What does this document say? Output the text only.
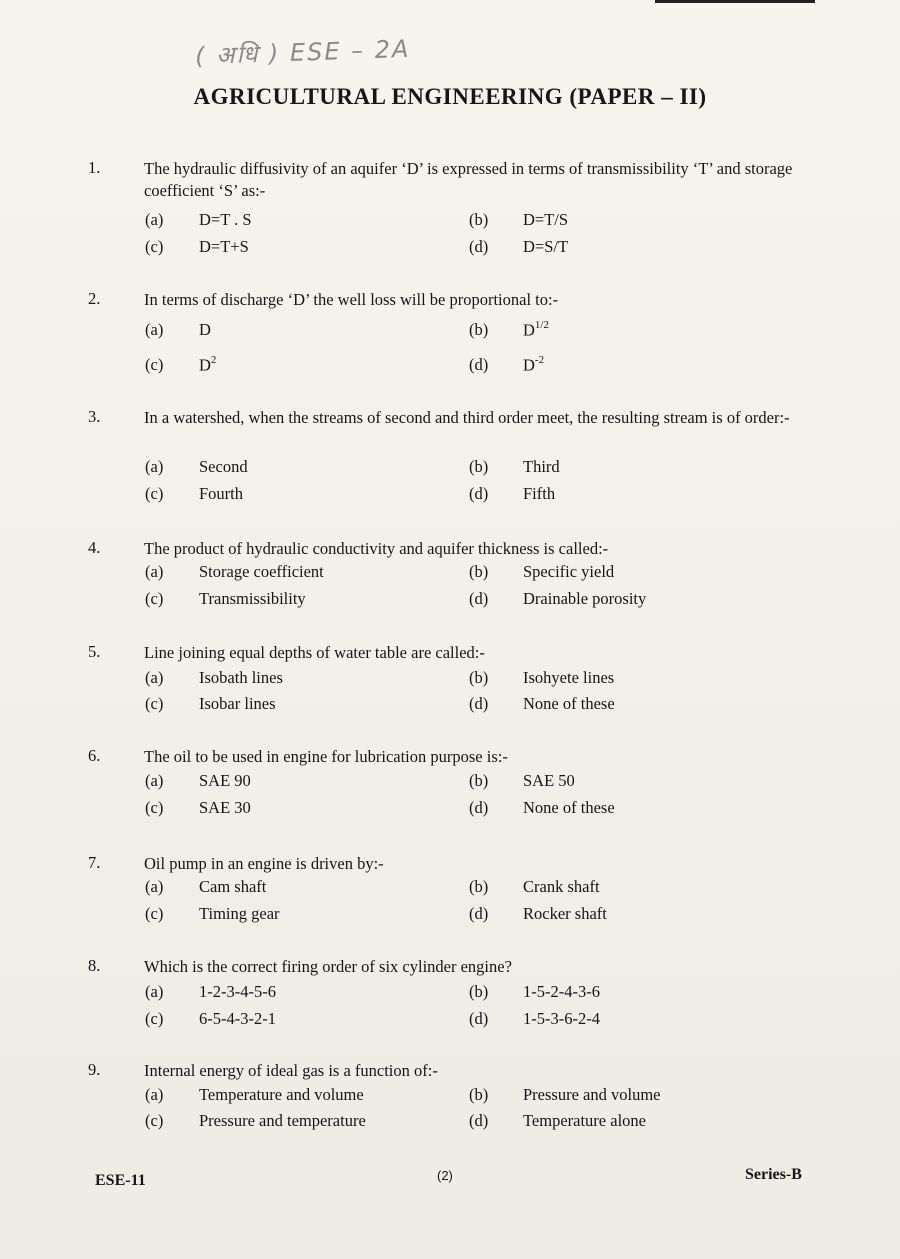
( अधि ) ESE – 2A
AGRICULTURAL ENGINEERING (PAPER – II)
1.	The hydraulic diffusivity of an aquifer ‘D’ is expressed in terms of transmissibility ‘T’ and storage coefficient ‘S’ as:-
(a) D=T . S	(b) D=T/S
(c) D=T+S	(d) D=S/T
2.	In terms of discharge ‘D’ the well loss will be proportional to:-
(a) D	(b) $D^{1/2}$
(c) $D^2$	(d) $D^{-2}$
3.	In a watershed, when the streams of second and third order meet, the resulting stream is of order:-
(a) Second	(b) Third
(c) Fourth	(d) Fifth
4.	The product of hydraulic conductivity and aquifer thickness is called:-
(a) Storage coefficient	(b) Specific yield
(c) Transmissibility	(d) Drainable porosity
5.	Line joining equal depths of water table are called:-
(a) Isobath lines	(b) Isohyete lines
(c) Isobar lines	(d) None of these
6.	The oil to be used in engine for lubrication purpose is:-
(a) SAE 90	(b) SAE 50
(c) SAE 30	(d) None of these
7.	Oil pump in an engine is driven by:-
(a) Cam shaft	(b) Crank shaft
(c) Timing gear	(d) Rocker shaft
8.	Which is the correct firing order of six cylinder engine?
(a) 1-2-3-4-5-6	(b) 1-5-2-4-3-6
(c) 6-5-4-3-2-1	(d) 1-5-3-6-2-4
9.	Internal energy of ideal gas is a function of:-
(a) Temperature and volume	(b) Pressure and volume
(c) Pressure and temperature	(d) Temperature alone
ESE-11	(2)	Series-B
